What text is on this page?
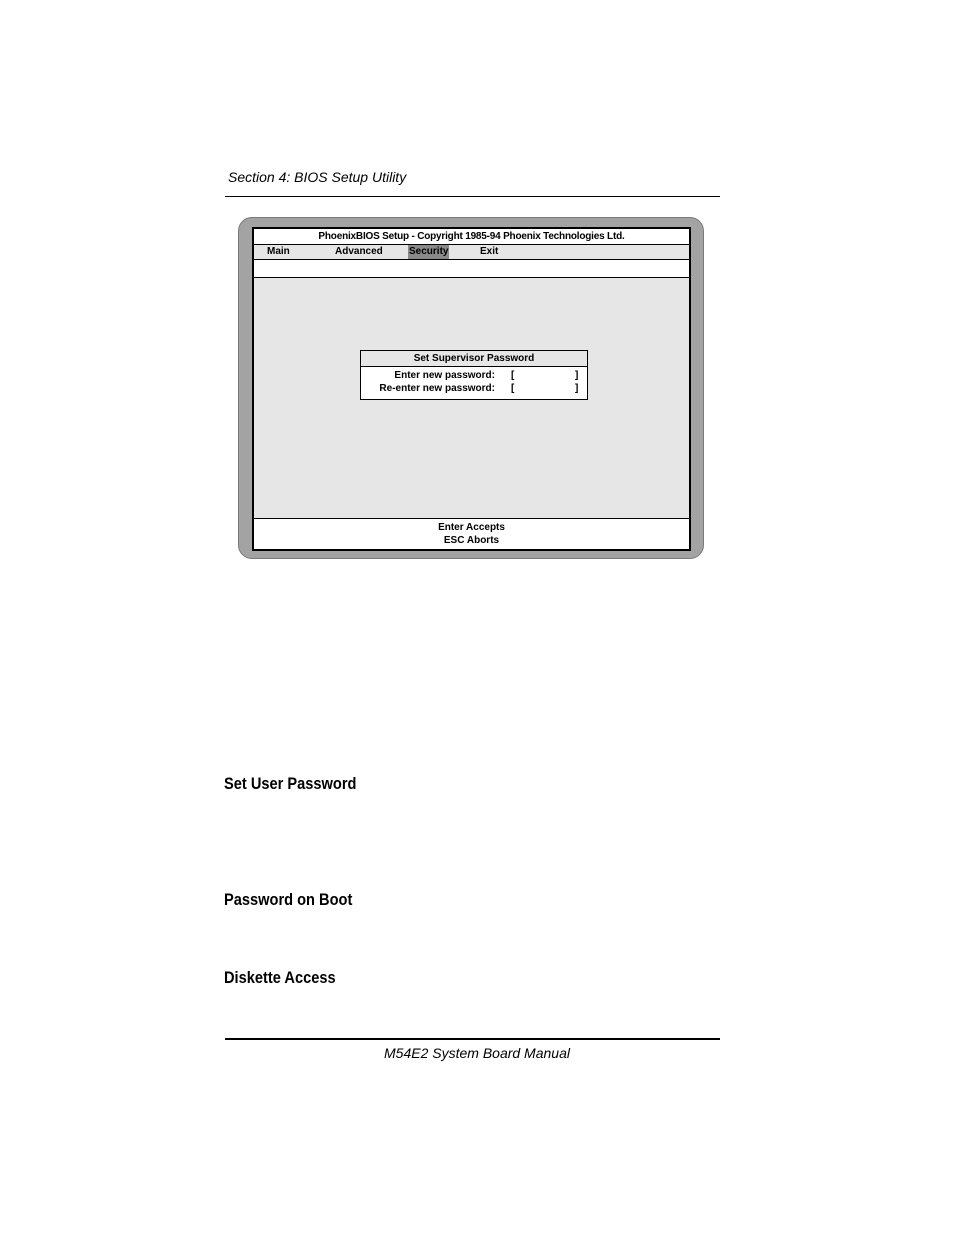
Section 4: BIOS Setup Utility
PhoenixBIOS Setup - Copyright 1985-94 Phoenix Technologies Ltd.
Main	Advanced	Security	Exit
Set Supervisor Password
Enter new password: [	]
Re-enter new password: [	]
Enter Accepts
ESC Aborts
Set User Password
Password on Boot
Diskette Access
M54E2 System Board Manual
